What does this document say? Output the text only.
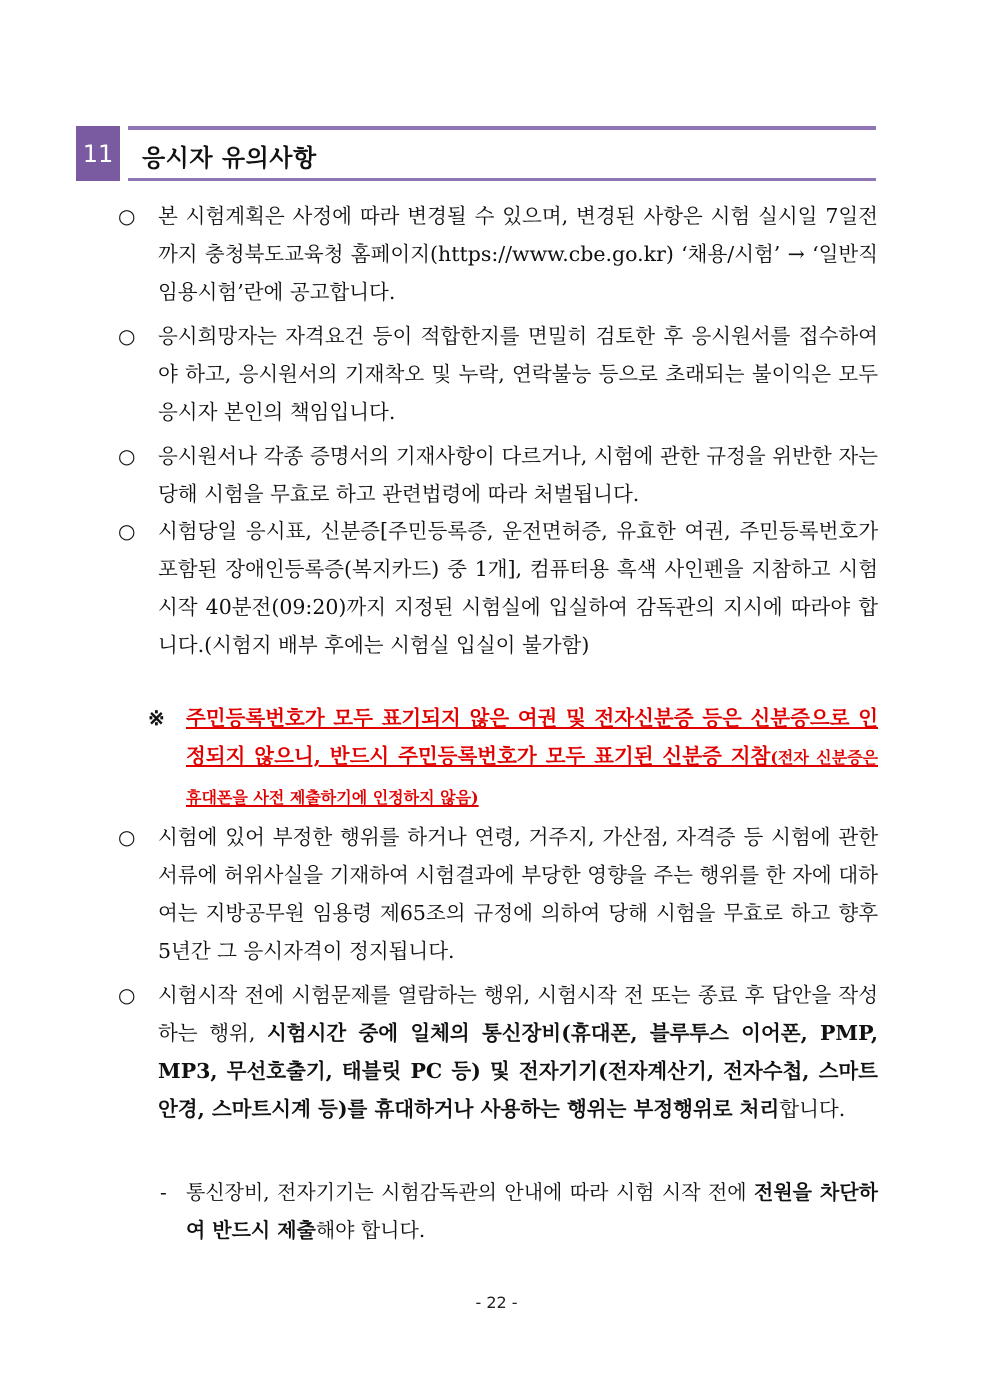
11 응시자 유의사항
○ 본 시험계획은 사정에 따라 변경될 수 있으며, 변경된 사항은 시험 실시일 7일전까지 충청북도교육청 홈페이지(https://www.cbe.go.kr) ‘채용/시험’ → ‘일반직임용시험’란에 공고합니다.
○ 응시희망자는 자격요건 등이 적합한지를 면밀히 검토한 후 응시원서를 접수하여야 하고, 응시원서의 기재착오 및 누락, 연락불능 등으로 초래되는 불이익은 모두 응시자 본인의 책임입니다.
○ 응시원서나 각종 증명서의 기재사항이 다르거나, 시험에 관한 규정을 위반한 자는 당해 시험을 무효로 하고 관련법령에 따라 처벌됩니다.
○ 시험당일 응시표, 신분증[주민등록증, 운전면허증, 유효한 여권, 주민등록번호가 포함된 장애인등록증(복지카드) 중 1개], 컴퓨터용 흑색 사인펜을 지참하고 시험시작 40분전(09:20)까지 지정된 시험실에 입실하여 감독관의 지시에 따라야 합니다.(시험지 배부 후에는 시험실 입실이 불가함)
※ 주민등록번호가 모두 표기되지 않은 여권 및 전자신분증 등은 신분증으로 인정되지 않으니, 반드시 주민등록번호가 모두 표기된 신분증 지참(전자 신분증은 휴대폰을 사전 제출하기에 인정하지 않음)
○ 시험에 있어 부정한 행위를 하거나 연령, 거주지, 가산점, 자격증 등 시험에 관한 서류에 허위사실을 기재하여 시험결과에 부당한 영향을 주는 행위를 한 자에 대하여는 지방공무원 임용령 제65조의 규정에 의하여 당해 시험을 무효로 하고 향후 5년간 그 응시자격이 정지됩니다.
○ 시험시작 전에 시험문제를 열람하는 행위, 시험시작 전 또는 종료 후 답안을 작성하는 행위, 시험시간 중에 일체의 통신장비(휴대폰, 블루투스 이어폰, PMP, MP3, 무선호출기, 태블릿 PC 등) 및 전자기기(전자계산기, 전자수첩, 스마트안경, 스마트시계 등)를 휴대하거나 사용하는 행위는 부정행위로 처리합니다.
- 통신장비, 전자기기는 시험감독관의 안내에 따라 시험 시작 전에 전원을 차단하여 반드시 제출해야 합니다.
- 22 -
